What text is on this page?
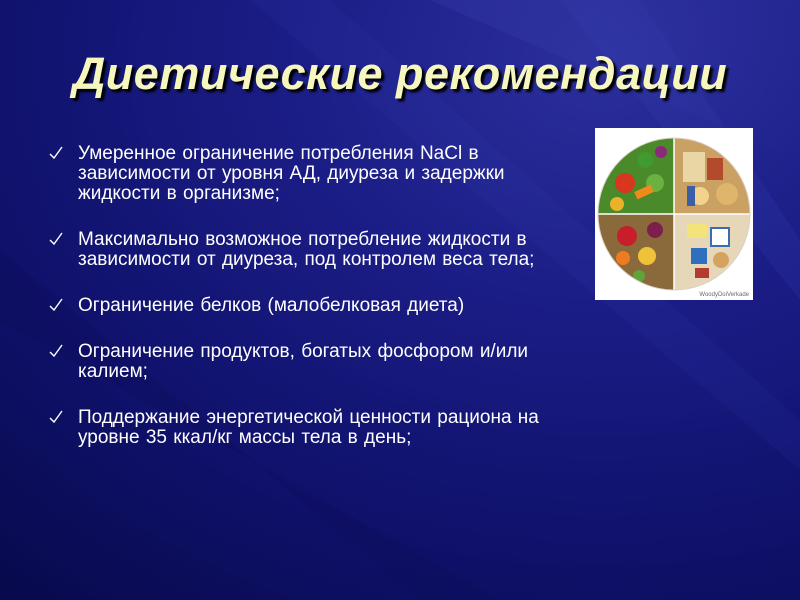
Диетические рекомендации
Умеренное ограничение потребления NaCl в зависимости от уровня АД, диуреза и задержки жидкости в организме;
Максимально возможное потребление жидкости в зависимости от диуреза, под контролем веса тела;
Ограничение белков (малобелковая диета)
Ограничение продуктов, богатых фосфором и/или калием;
Поддержание энергетической ценности рациона на уровне 35 ккал/кг массы тела в день;
WoodyDoiVerkade
